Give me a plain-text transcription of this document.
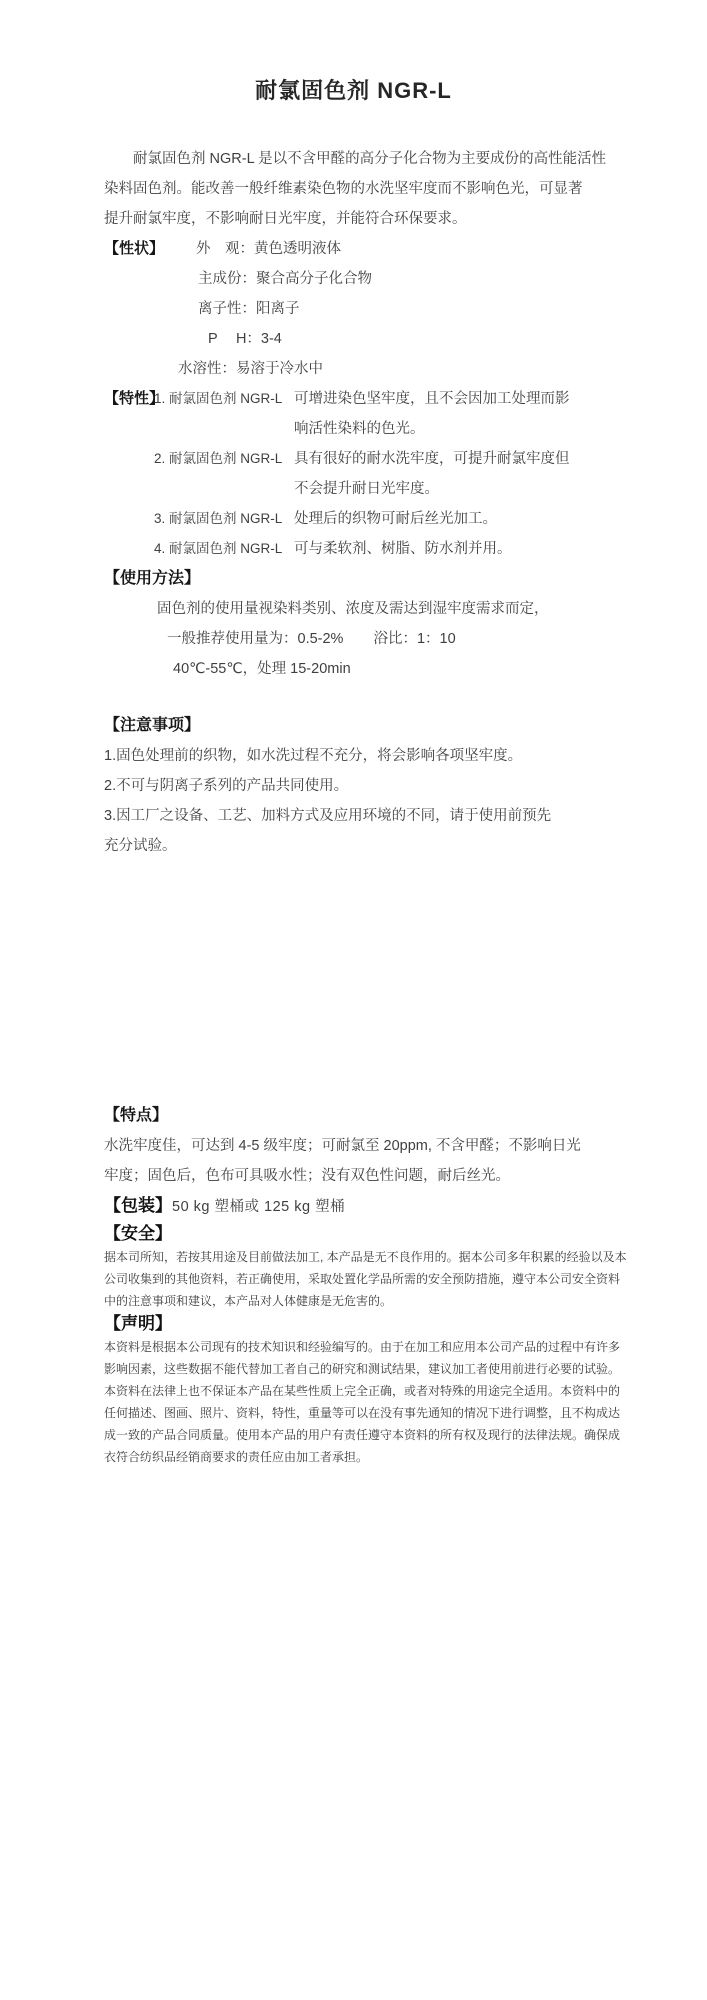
耐氯固色剂 NGR-L
耐氯固色剂 NGR-L 是以不含甲醛的高分子化合物为主要成份的高性能活性
染料固色剂。能改善一般纤维素染色物的水洗坚牢度而不影响色光，可显著
提升耐氯牢度，不影响耐日光牢度，并能符合环保要求。
【性状】	外　观：黄色透明液体
主成份：聚合高分子化合物
离子性：阳离子
P　 H：3-4
水溶性：易溶于冷水中
【特性】
1. 耐氯固色剂 NGR-L 可增进染色坚牢度，且不会因加工处理而影
响活性染料的色光。
2. 耐氯固色剂 NGR-L 具有很好的耐水洗牢度，可提升耐氯牢度但
不会提升耐日光牢度。
3. 耐氯固色剂 NGR-L 处理后的织物可耐后丝光加工。
4. 耐氯固色剂 NGR-L 可与柔软剂、树脂、防水剂并用。
【使用方法】
固色剂的使用量视染料类别、浓度及需达到湿牢度需求而定，
一般推荐使用量为：0.5-2% 浴比：1：10
40℃-55℃，处理 15-20min
【注意事项】
1.固色处理前的织物，如水洗过程不充分，将会影响各项坚牢度。
2.不可与阴离子系列的产品共同使用。
3.因工厂之设备、工艺、加料方式及应用环境的不同，请于使用前预先
充分试验。
【特点】
水洗牢度佳，可达到 4-5 级牢度；可耐氯至 20ppm, 不含甲醛；不影响日光
牢度；固色后，色布可具吸水性；没有双色性问题，耐后丝光。
【包装】50 kg 塑桶或 125 kg 塑桶
【安全】
据本司所知，若按其用途及目前做法加工, 本产品是无不良作用的。据本公司多年积累的经验以及本
公司收集到的其他资料，若正确使用，采取处置化学品所需的安全预防措施，遵守本公司安全资料
中的注意事项和建议，本产品对人体健康是无危害的。
【声明】
本资料是根据本公司现有的技术知识和经验编写的。由于在加工和应用本公司产品的过程中有许多
影响因素，这些数据不能代替加工者自己的研究和测试结果，建议加工者使用前进行必要的试验。
本资料在法律上也不保证本产品在某些性质上完全正确，或者对特殊的用途完全适用。本资料中的
任何描述、图画、照片、资料，特性，重量等可以在没有事先通知的情况下进行调整，且不构成达
成一致的产品合同质量。使用本产品的用户有责任遵守本资料的所有权及现行的法律法规。确保成
衣符合纺织品经销商要求的责任应由加工者承担。
